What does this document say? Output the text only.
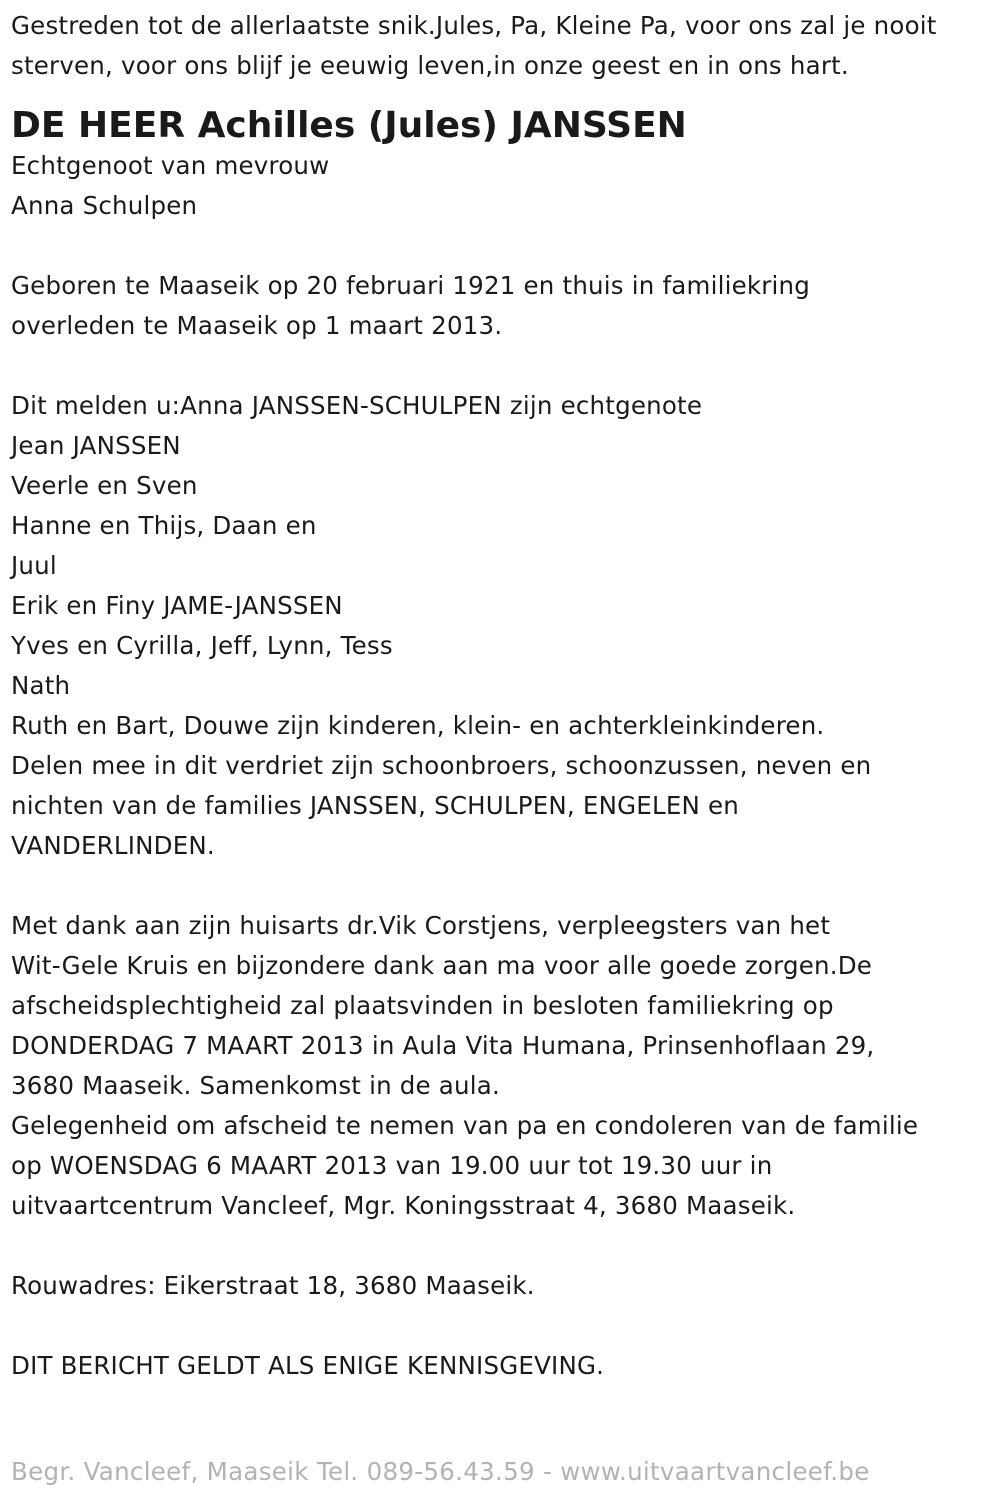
Gestreden tot de allerlaatste snik.Jules, Pa, Kleine Pa, voor ons zal je nooit
sterven, voor ons blijf je eeuwig leven,in onze geest en in ons hart.
DE HEER Achilles (Jules) JANSSEN
Echtgenoot van mevrouw
Anna Schulpen
Geboren te Maaseik op 20 februari 1921 en thuis in familiekring
overleden te Maaseik op 1 maart 2013.
Dit melden u:Anna JANSSEN-SCHULPEN zijn echtgenote
Jean JANSSEN
Veerle en Sven
Hanne en Thijs, Daan en
Juul
Erik en Finy JAME-JANSSEN
Yves en Cyrilla, Jeff, Lynn, Tess
Nath
Ruth en Bart, Douwe zijn kinderen, klein- en achterkleinkinderen.
Delen mee in dit verdriet zijn schoonbroers, schoonzussen, neven en
nichten van de families JANSSEN, SCHULPEN, ENGELEN en
VANDERLINDEN.
Met dank aan zijn huisarts dr.Vik Corstjens, verpleegsters van het
Wit-Gele Kruis en bijzondere dank aan ma voor alle goede zorgen.De
afscheidsplechtigheid zal plaatsvinden in besloten familiekring op
DONDERDAG 7 MAART 2013 in Aula Vita Humana, Prinsenhoflaan 29,
3680 Maaseik. Samenkomst in de aula.
Gelegenheid om afscheid te nemen van pa en condoleren van de familie
op WOENSDAG 6 MAART 2013 van 19.00 uur tot 19.30 uur in
uitvaartcentrum Vancleef, Mgr. Koningsstraat 4, 3680 Maaseik.
Rouwadres: Eikerstraat 18, 3680 Maaseik.
DIT BERICHT GELDT ALS ENIGE KENNISGEVING.
Begr. Vancleef, Maaseik Tel. 089-56.43.59 - www.uitvaartvancleef.be
